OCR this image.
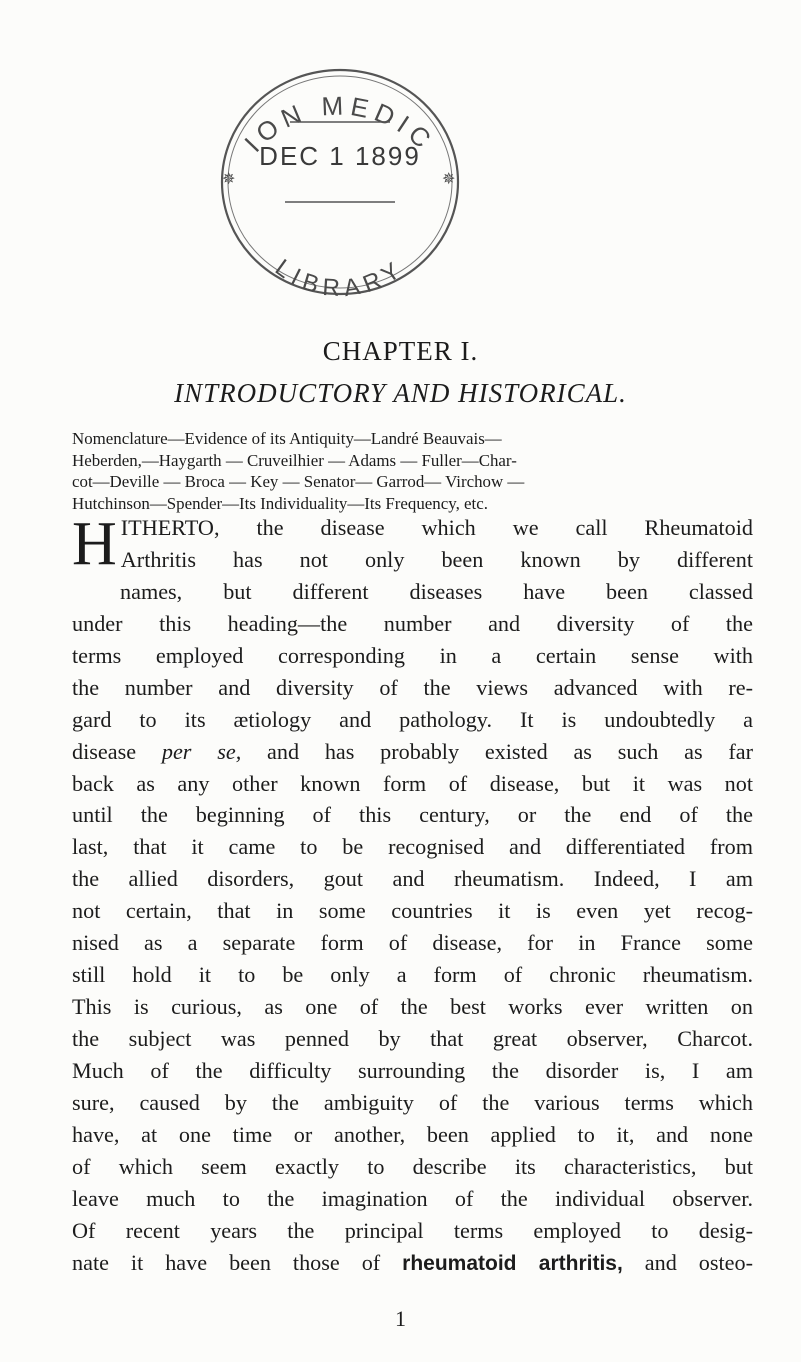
ION MEDIC
DEC 1 1899
✵	✵
LIBRARY
CHAPTER I.
INTRODUCTORY AND HISTORICAL.
Nomenclature—Evidence of its Antiquity—Landré Beauvais—
Heberden,—Haygarth — Cruveilhier — Adams — Fuller—Char-
cot—Deville — Broca — Key — Senator— Garrod— Virchow —
Hutchinson—Spender—Its Individuality—Its Frequency, etc.
H ITHERTO, the disease which we call Rheumatoid
Arthritis has not only been known by different
names, but different diseases have been classed
under this heading—the number and diversity of the
terms employed corresponding in a certain sense with
the number and diversity of the views advanced with re-
gard to its ætiology and pathology. It is undoubtedly a
disease per se, and has probably existed as such as far
back as any other known form of disease, but it was not
until the beginning of this century, or the end of the
last, that it came to be recognised and differentiated from
the allied disorders, gout and rheumatism. Indeed, I am
not certain, that in some countries it is even yet recog-
nised as a separate form of disease, for in France some
still hold it to be only a form of chronic rheumatism.
This is curious, as one of the best works ever written on
the subject was penned by that great observer, Charcot.
Much of the difficulty surrounding the disorder is, I am
sure, caused by the ambiguity of the various terms which
have, at one time or another, been applied to it, and none
of which seem exactly to describe its characteristics, but
leave much to the imagination of the individual observer.
Of recent years the principal terms employed to desig-
nate it have been those of rheumatoid arthritis, and osteo-
1
